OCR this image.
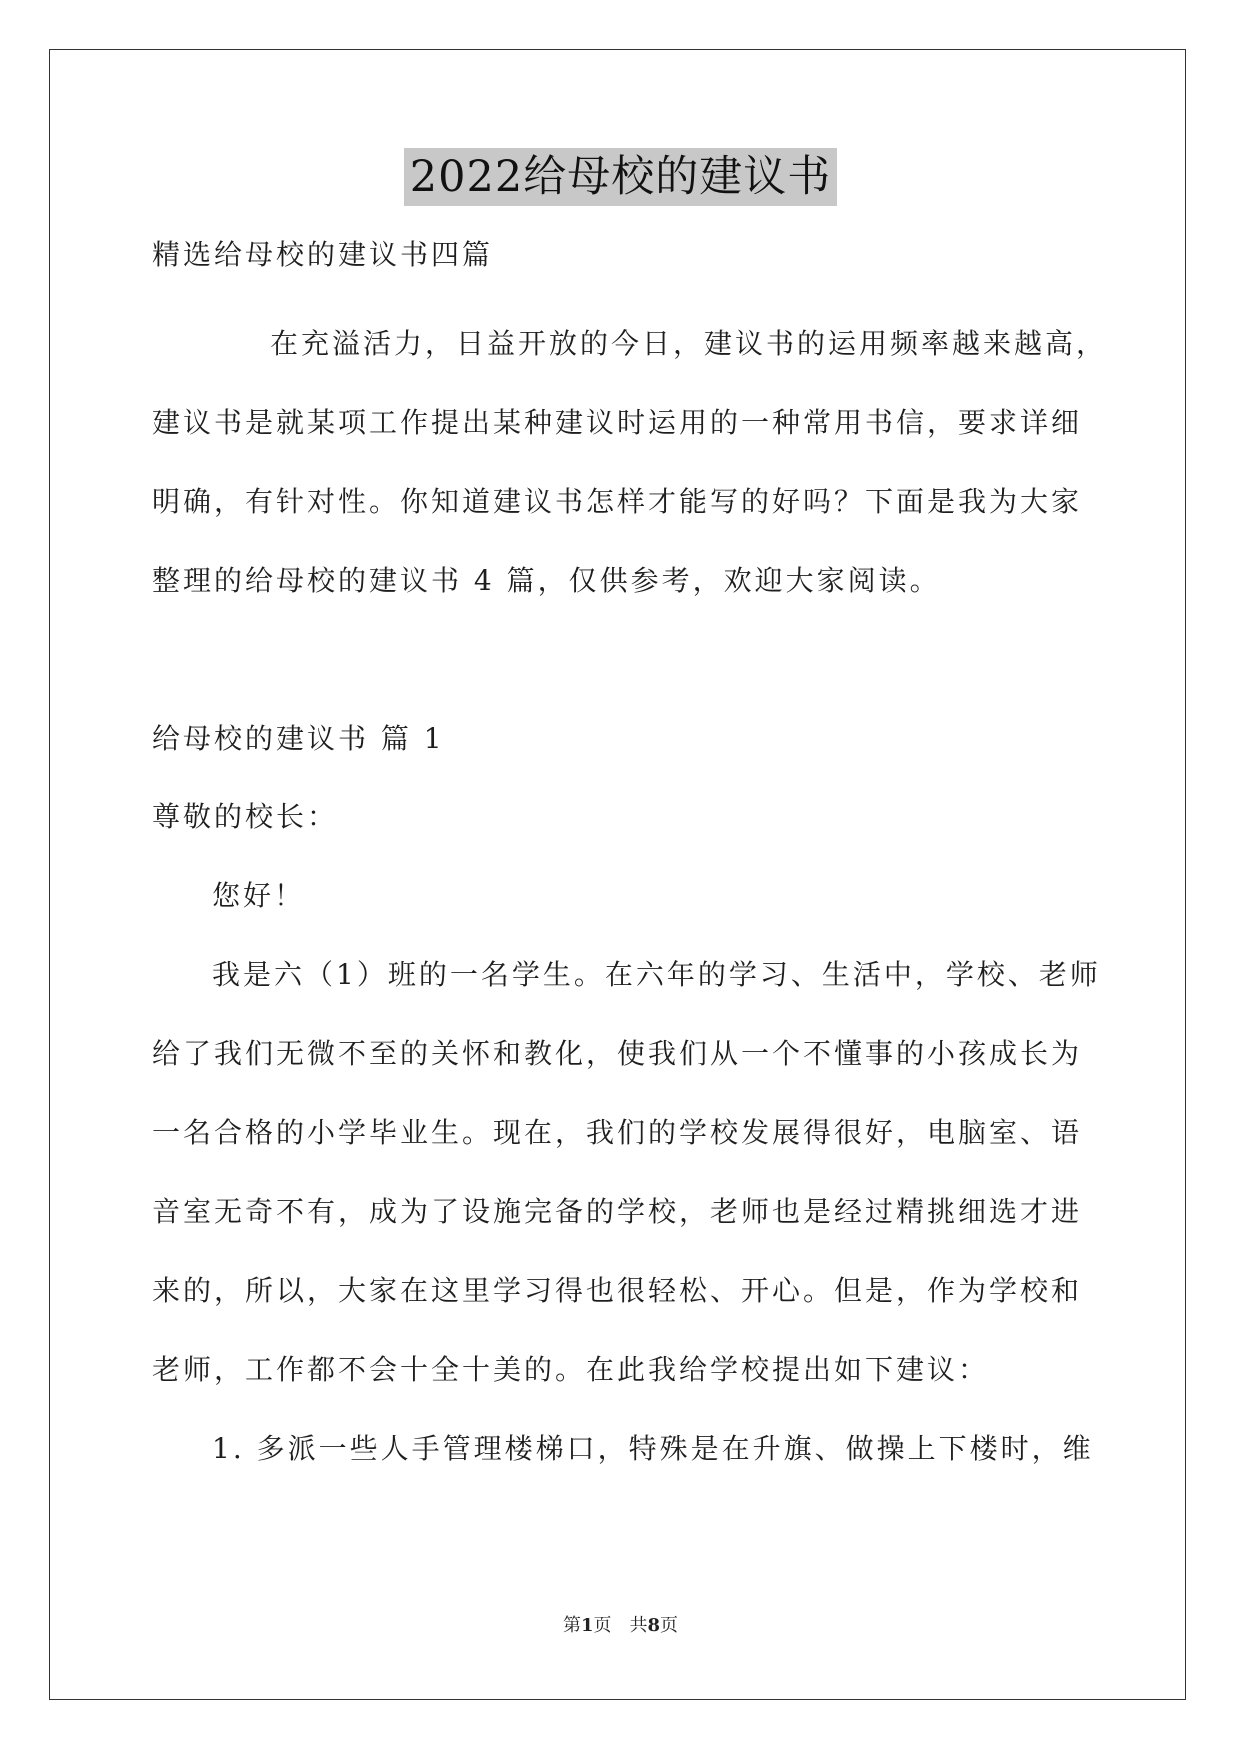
2022给母校的建议书
精选给母校的建议书四篇
在充溢活力，日益开放的今日，建议书的运用频率越来越高，
建议书是就某项工作提出某种建议时运用的一种常用书信，要求详细
明确，有针对性。你知道建议书怎样才能写的好吗？下面是我为大家
整理的给母校的建议书 4 篇，仅供参考，欢迎大家阅读。
给母校的建议书 篇 1
尊敬的校长：
您好！
我是六（1）班的一名学生。在六年的学习、生活中，学校、老师
给了我们无微不至的关怀和教化，使我们从一个不懂事的小孩成长为
一名合格的小学毕业生。现在，我们的学校发展得很好，电脑室、语
音室无奇不有，成为了设施完备的学校，老师也是经过精挑细选才进
来的，所以，大家在这里学习得也很轻松、开心。但是，作为学校和
老师，工作都不会十全十美的。在此我给学校提出如下建议：
1. 多派一些人手管理楼梯口，特殊是在升旗、做操上下楼时，维
第1页 共8页
